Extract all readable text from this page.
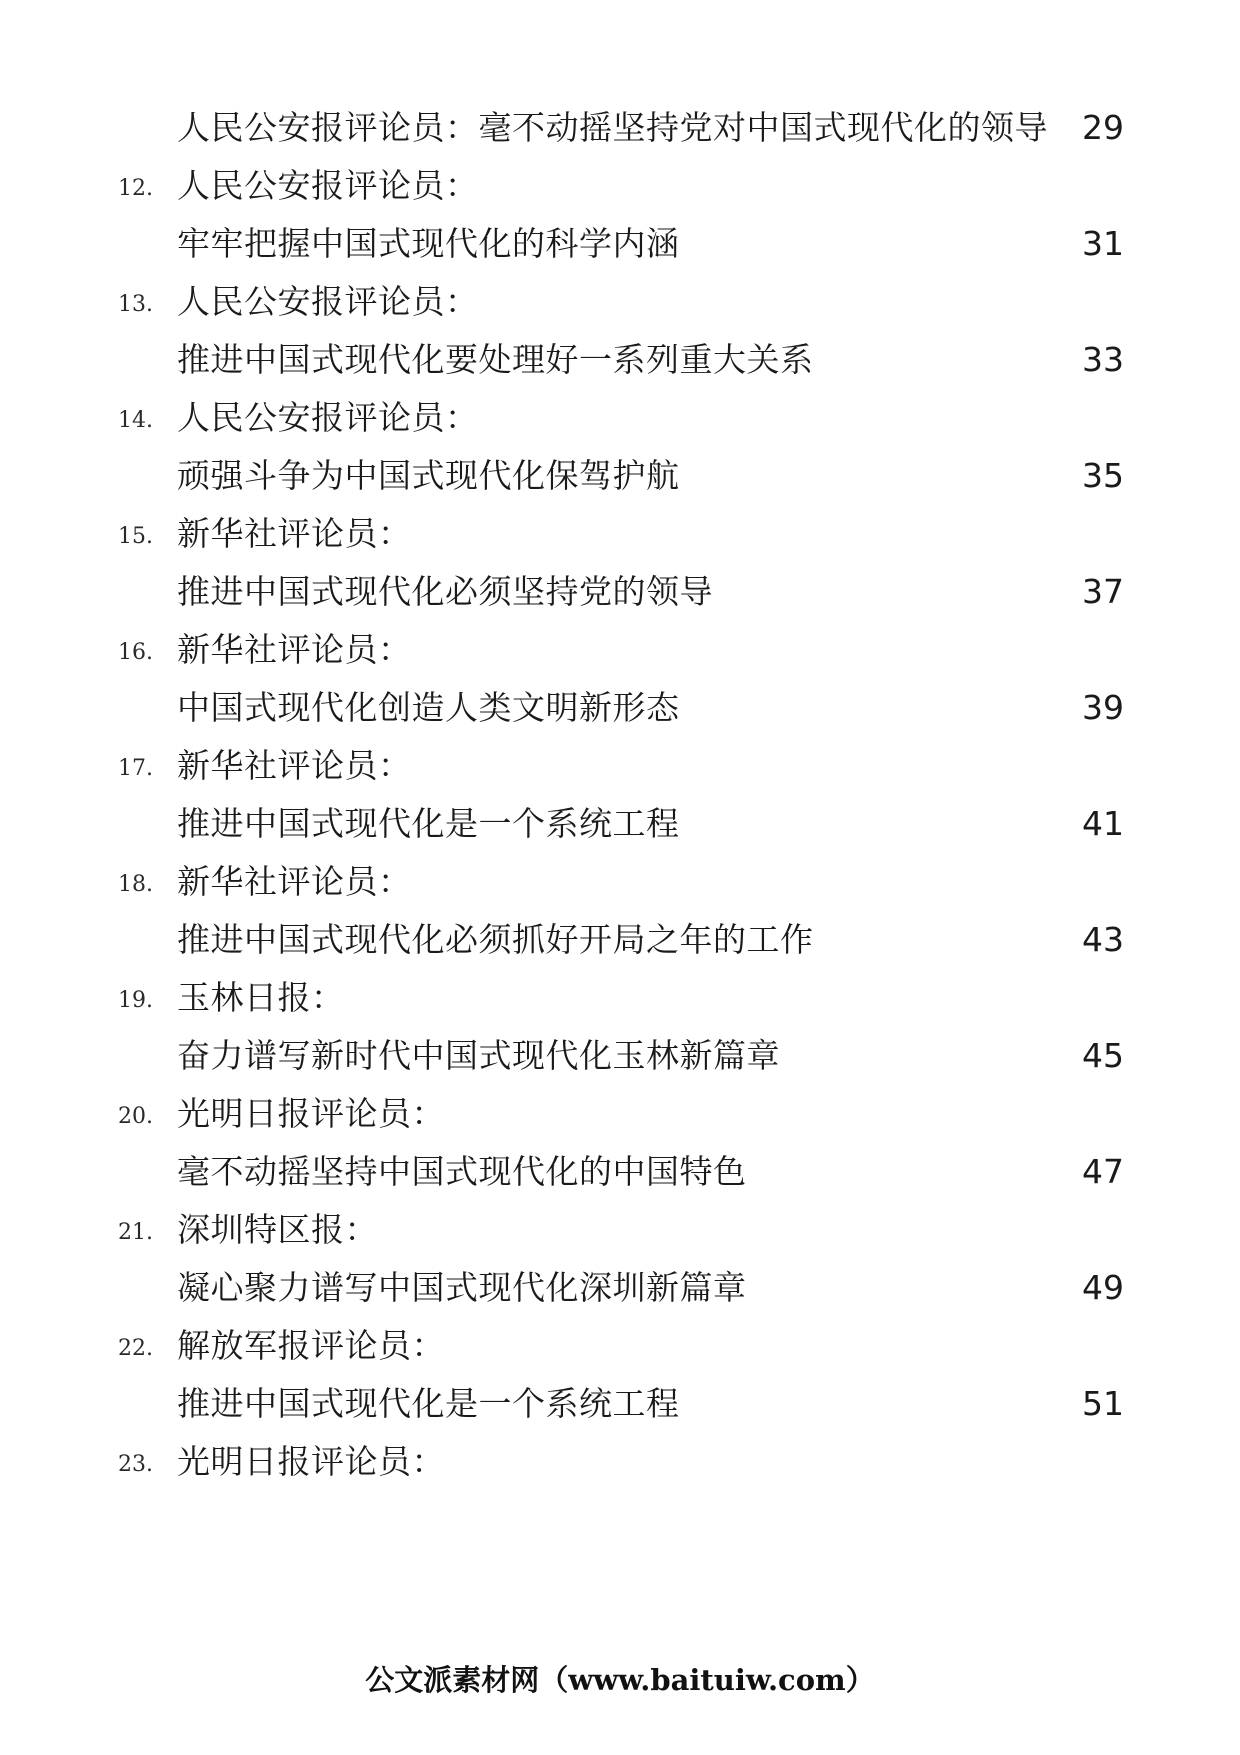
人民公安报评论员：毫不动摇坚持党对中国式现代化的领导 29
12. 人民公安报评论员：
牢牢把握中国式现代化的科学内涵	31
13. 人民公安报评论员：
推进中国式现代化要处理好一系列重大关系	33
14. 人民公安报评论员：
顽强斗争为中国式现代化保驾护航	35
15. 新华社评论员：
推进中国式现代化必须坚持党的领导	37
16. 新华社评论员：
中国式现代化创造人类文明新形态	39
17. 新华社评论员：
推进中国式现代化是一个系统工程	41
18. 新华社评论员：
推进中国式现代化必须抓好开局之年的工作	43
19. 玉林日报：
奋力谱写新时代中国式现代化玉林新篇章	45
20. 光明日报评论员：
毫不动摇坚持中国式现代化的中国特色	47
21. 深圳特区报：
凝心聚力谱写中国式现代化深圳新篇章	49
22. 解放军报评论员：
推进中国式现代化是一个系统工程	51
23. 光明日报评论员：
公文派素材网（www.baituiw.com）
